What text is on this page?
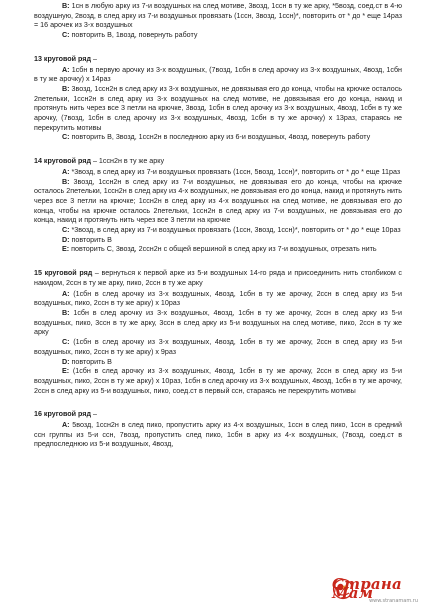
В: 1сн в любую арку из 7-и воздушных на след мотиве, 3возд, 1ссн в ту же арку, *5возд, соед.ст в 4-ю воздушную, 2возд, в след арку из 7-и воздушных провязать (1ссн, 3возд, 1ссн)*, повторить от * до * еще 14раз = 16 арочек из 3-х воздушных

С: повторить В, 1возд, повернуть работу

13 круговой ряд –

А: 1сбн в первую арочку из 3-х воздушных, (7возд, 1сбн в след арочку из 3-х воздушных, 4возд, 1сбн в ту же арочку) х 14раз

В: 3возд, 1ссн2н в след арку из 3-х воздушных, не довязывая его до конца, чтобы на крючке осталось 2петельки, 1ссн2н в след арку из 3-х воздушных на след мотиве, не довязывая его до конца, накид и протянуть нить через все 3 петли на крючке, 3возд, 1сбн в след арочку из 3-х воздушных, 4возд, 1сбн в ту же арочку, (7возд, 1сбн в след арочку из 3-х воздушных, 4возд, 1сбн в ту же арочку) х 13раз, стараясь не перекрутить мотивы

С: повторить В, 3возд, 1ссн2н в последнюю арку из 6-и воздушных, 4возд, повернуть работу

14 круговой ряд – 1ссн2н в ту же арку

А: *3возд, в след арку из 7-и воздушных провязать (1ссн, 5возд, 1ссн)*, повторить от * до * еще 11раз

В: 3возд, 1ссн2н в след арку из 7-и воздушных, не довязывая его до конца, чтобы на крючке осталось 2петельки, 1ссн2н в след арку из 4-х воздушных, не довязывая его до конца, накид и протянуть нить через все 3 петли на крючке; 1ссн2н в след арку из 4-х воздушных на след мотиве, не довязывая его до конца, чтобы на крючке осталось 2петельки, 1ссн2н в след арку из 7-и воздушных, не довязывая его до конца, накид и протянуть нить через все 3 петли на крючке

С: *3возд, в след арку из 7-и воздушных провязать (1ссн, 3возд, 1ссн)*, повторить от * до * еще 10раз

D: повторить В

Е: повторить С, 3возд, 2ссн2н с общей вершиной в след арку из 7-и воздушных, отрезать нить

15 круговой ряд – вернуться к первой арке из 5-и воздушных 14-го ряда и присоединить нить столбиком с накидом, 2ссн в ту же арку, пико, 2ссн в ту же арку

А: (1сбн в след арочку из 3-х воздушных, 4возд, 1сбн в ту же арочку, 2ссн в след арку из 5-и воздушных, пико, 2ссн в ту же арку) х 10раз

В: 1сбн в след арочку из 3-х воздушных, 4возд, 1сбн в ту же арочку, 2ссн в след арку из 5-и воздушных, пико, 3ссн в ту же арку, 3ссн в след арку из 5-и воздушных на след мотиве, пико, 2ссн в ту же арку

С: (1сбн в след арочку из 3-х воздушных, 4возд, 1сбн в ту же арочку, 2ссн в след арку из 5-и воздушных, пико, 2ссн в ту же арку) х 9раз

D: повторить В

Е: (1сбн в след арочку из 3-х воздушных, 4возд, 1сбн в ту же арочку, 2ссн в след арку из 5-и воздушных, пико, 2ссн в ту же арку) х 10раз, 1сбн в след арочку из 3-х воздушных, 4возд, 1сбн в ту же арочку, 2ссн в след арку из 5-и воздушных, пико, соед.ст в первый ссн, стараясь не перекрутить мотивы

16 круговой ряд –

А: 5возд, 1ссн2н в след пико, пропустить арку из 4-х воздушных, 1ссн в след пико, 1ссн в средний ссн группы из 5-и ссн, 7возд, пропустить след пико, 1сбн в арку из 4-х воздушных, (7возд, соед.ст в предпоследнюю из 5-и воздушных, 4возд,

Страна Мам
www.stranamam.ru
